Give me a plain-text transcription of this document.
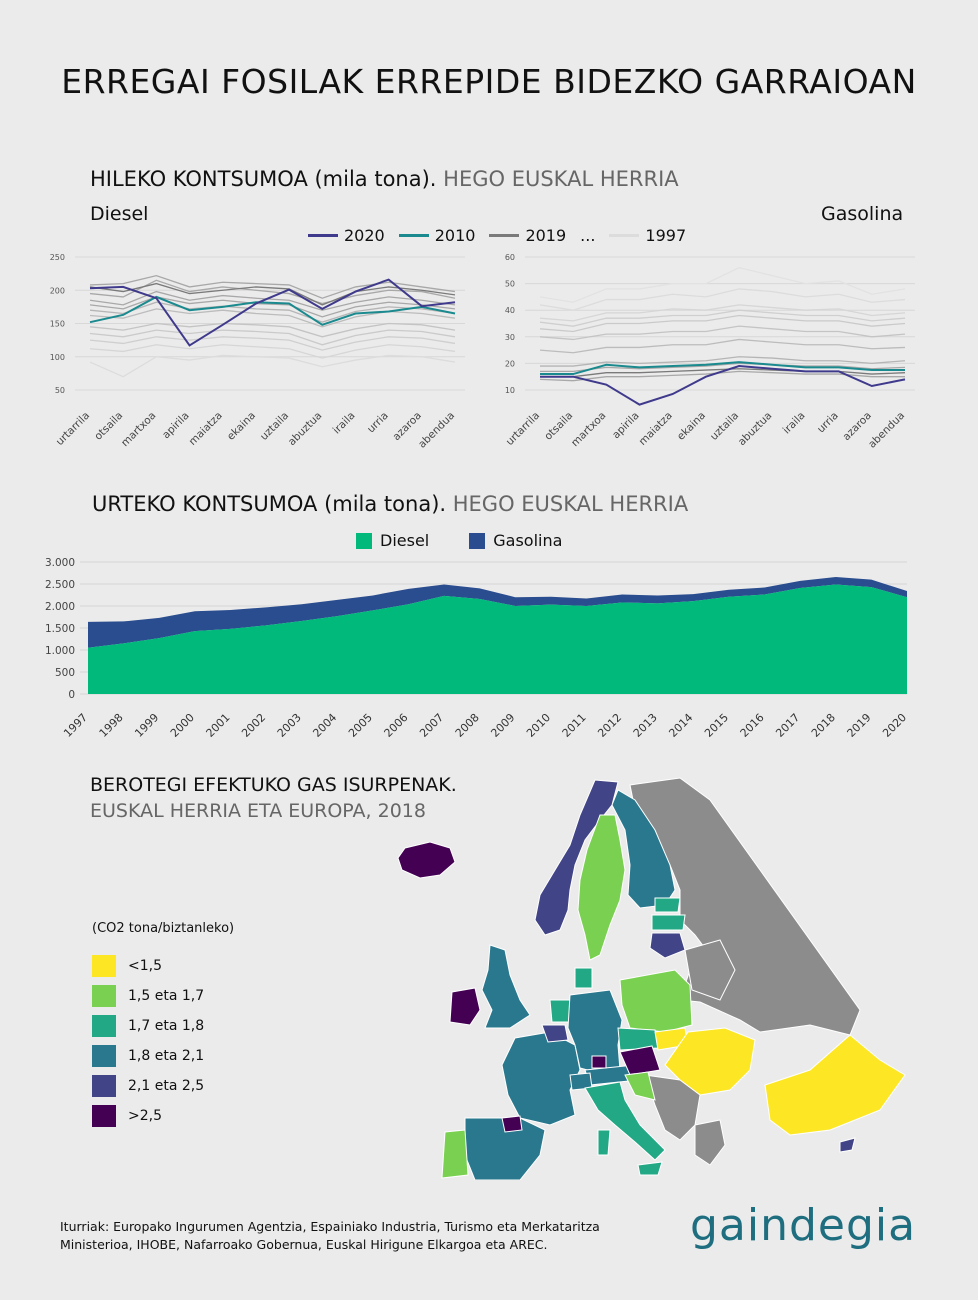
ERREGAI FOSILAK ERREPIDE BIDEZKO GARRAIOAN
HILEKO KONTSUMOA (mila tona). HEGO EUSKAL HERRIA
Diesel	Gasolina
2020	2010	2019 ...	1997
50
100
150
200
250
urtarrila otsaila
martxoa apirila
maiatza ekaina uztaila
abuztua iraila urria azaroa
abendua
10
20
30
40
50
60
urtarrila otsaila
martxoa apirila
maiatza ekaina uztaila
abuztua iraila urria azaroa
abendua
URTEKO KONTSUMOA (mila tona). HEGO EUSKAL HERRIA
Diesel	Gasolina
0
500
1.000
1.500
2.000
2.500
3.000
1997 1998 1999 2000 2001 2002 2003 2004 2005 2006 2007 2008 2009 2010 2011 2012 2013 2014 2015 2016 2017 2018 2019 2020
BEROTEGI EFEKTUKO GAS ISURPENAK.
EUSKAL HERRIA ETA EUROPA, 2018
(CO2 tona/biztanleko)
<1,5
1,5 eta 1,7
1,7 eta 1,8
1,8 eta 2,1
2,1 eta 2,5
>2,5
Iturriak: Europako Ingurumen Agentzia, Espainiako Industria, Turismo eta Merkataritza
Ministerioa, IHOBE, Nafarroako Gobernua, Euskal Hirigune Elkargoa eta AREC.	gaindegia
